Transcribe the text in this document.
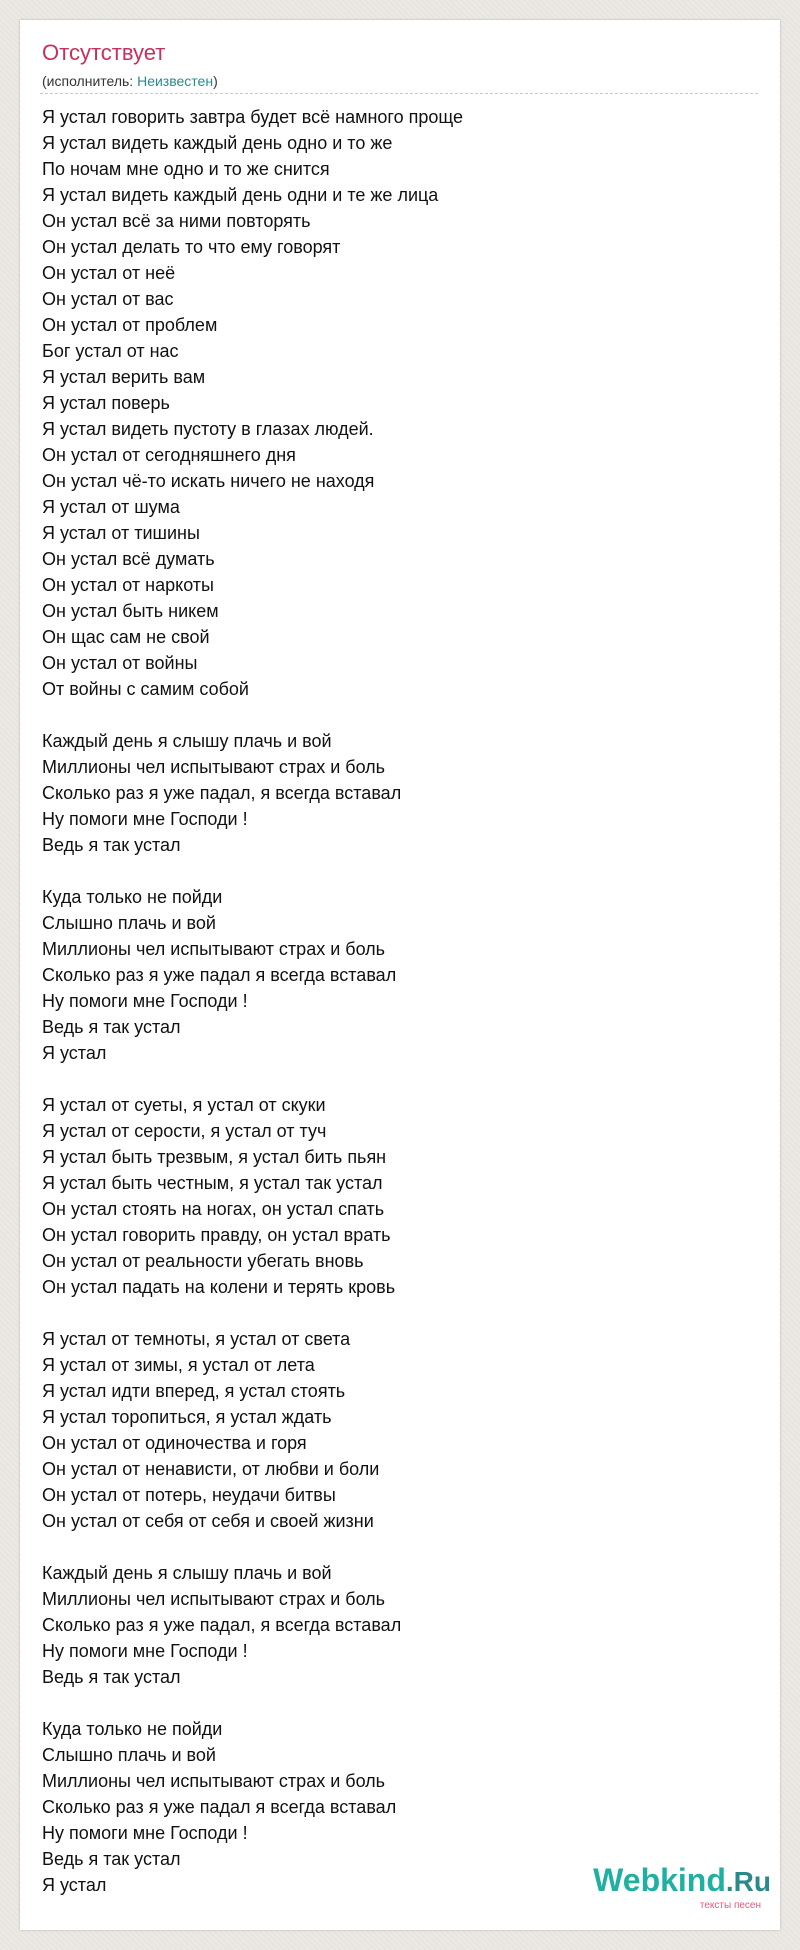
Отсутствует
(исполнитель: Неизвестен)
Я устал говорить завтра будет всё намного проще
Я устал видеть каждый день одно и то же
По ночам мне одно и то же снится
Я устал видеть каждый день одни и те же лица
Он устал всё за ними повторять
Он устал делать то что ему говорят
Он устал от неё
Он устал от вас
Он устал от проблем
Бог устал от нас
Я устал верить вам
Я устал поверь
Я устал видеть пустоту в глазах людей.
Он устал от сегодняшнего дня
Он устал чё-то искать ничего не находя
Я устал от шума
Я устал от тишины
Он устал всё думать
Он устал от наркоты
Он устал быть никем
Он щас сам не свой
Он устал от войны
От войны с самим собой
Каждый день я слышу плачь и вой
Миллионы чел испытывают страх и боль
Сколько раз я уже падал, я всегда вставал
Ну помоги мне Господи !
Ведь я так устал
Куда только не пойди
Слышно плачь и вой
Миллионы чел испытывают страх и боль
Сколько раз я уже падал я всегда вставал
Ну помоги мне Господи !
Ведь я так устал
Я устал
Я устал от суеты, я устал от скуки
Я устал от серости, я устал от туч
Я устал быть трезвым, я устал бить пьян
Я устал быть честным, я устал так устал
Он устал стоять на ногах, он устал спать
Он устал говорить правду, он устал врать
Он устал от реальности убегать вновь
Он устал падать на колени и терять кровь
Я устал от темноты, я устал от света
Я устал от зимы, я устал от лета
Я устал идти вперед, я устал стоять
Я устал торопиться, я устал ждать
Он устал от одиночества и горя
Он устал от ненависти, от любви и боли
Он устал от потерь, неудачи битвы
Он устал от себя от себя и своей жизни
Каждый день я слышу плачь и вой
Миллионы чел испытывают страх и боль
Сколько раз я уже падал, я всегда вставал
Ну помоги мне Господи !
Ведь я так устал
Куда только не пойди
Слышно плачь и вой
Миллионы чел испытывают страх и боль
Сколько раз я уже падал я всегда вставал
Ну помоги мне Господи !
Ведь я так устал
Я устал	Webkind.Ru
тексты песен
